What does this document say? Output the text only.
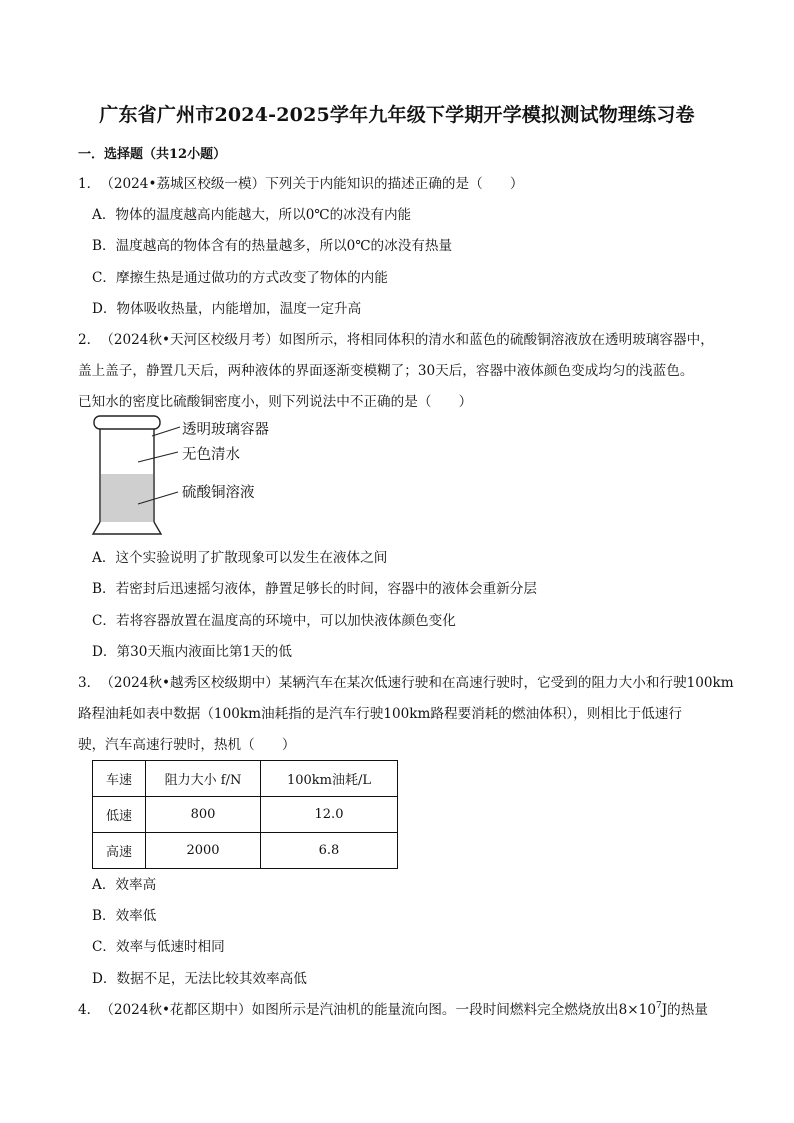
广东省广州市2024-2025学年九年级下学期开学模拟测试物理练习卷
一．选择题（共12小题）
1．（2024•荔城区校级一模）下列关于内能知识的描述正确的是（　　）
A．物体的温度越高内能越大，所以0℃的冰没有内能
B．温度越高的物体含有的热量越多，所以0℃的冰没有热量
C．摩擦生热是通过做功的方式改变了物体的内能
D．物体吸收热量，内能增加，温度一定升高
2．（2024秋•天河区校级月考）如图所示，将相同体积的清水和蓝色的硫酸铜溶液放在透明玻璃容器中，
盖上盖子，静置几天后，两种液体的界面逐渐变模糊了；30天后，容器中液体颜色变成均匀的浅蓝色。
已知水的密度比硫酸铜密度小，则下列说法中不正确的是（　　）
透明玻璃容器
无色清水
硫酸铜溶液
A．这个实验说明了扩散现象可以发生在液体之间
B．若密封后迅速摇匀液体，静置足够长的时间，容器中的液体会重新分层
C．若将容器放置在温度高的环境中，可以加快液体颜色变化
D．第30天瓶内液面比第1天的低
3．（2024秋•越秀区校级期中）某辆汽车在某次低速行驶和在高速行驶时，它受到的阻力大小和行驶100km
路程油耗如表中数据（100km油耗指的是汽车行驶100km路程要消耗的燃油体积），则相比于低速行
驶，汽车高速行驶时，热机（　　）
车速	阻力大小 f/N	100km油耗/L
低速	800	12.0
高速	2000	6.8
A．效率高
B．效率低
C．效率与低速时相同
D．数据不足，无法比较其效率高低
4．（2024秋•花都区期中）如图所示是汽油机的能量流向图。一段时间燃料完全燃烧放出$8\times 10^7J$的热量
